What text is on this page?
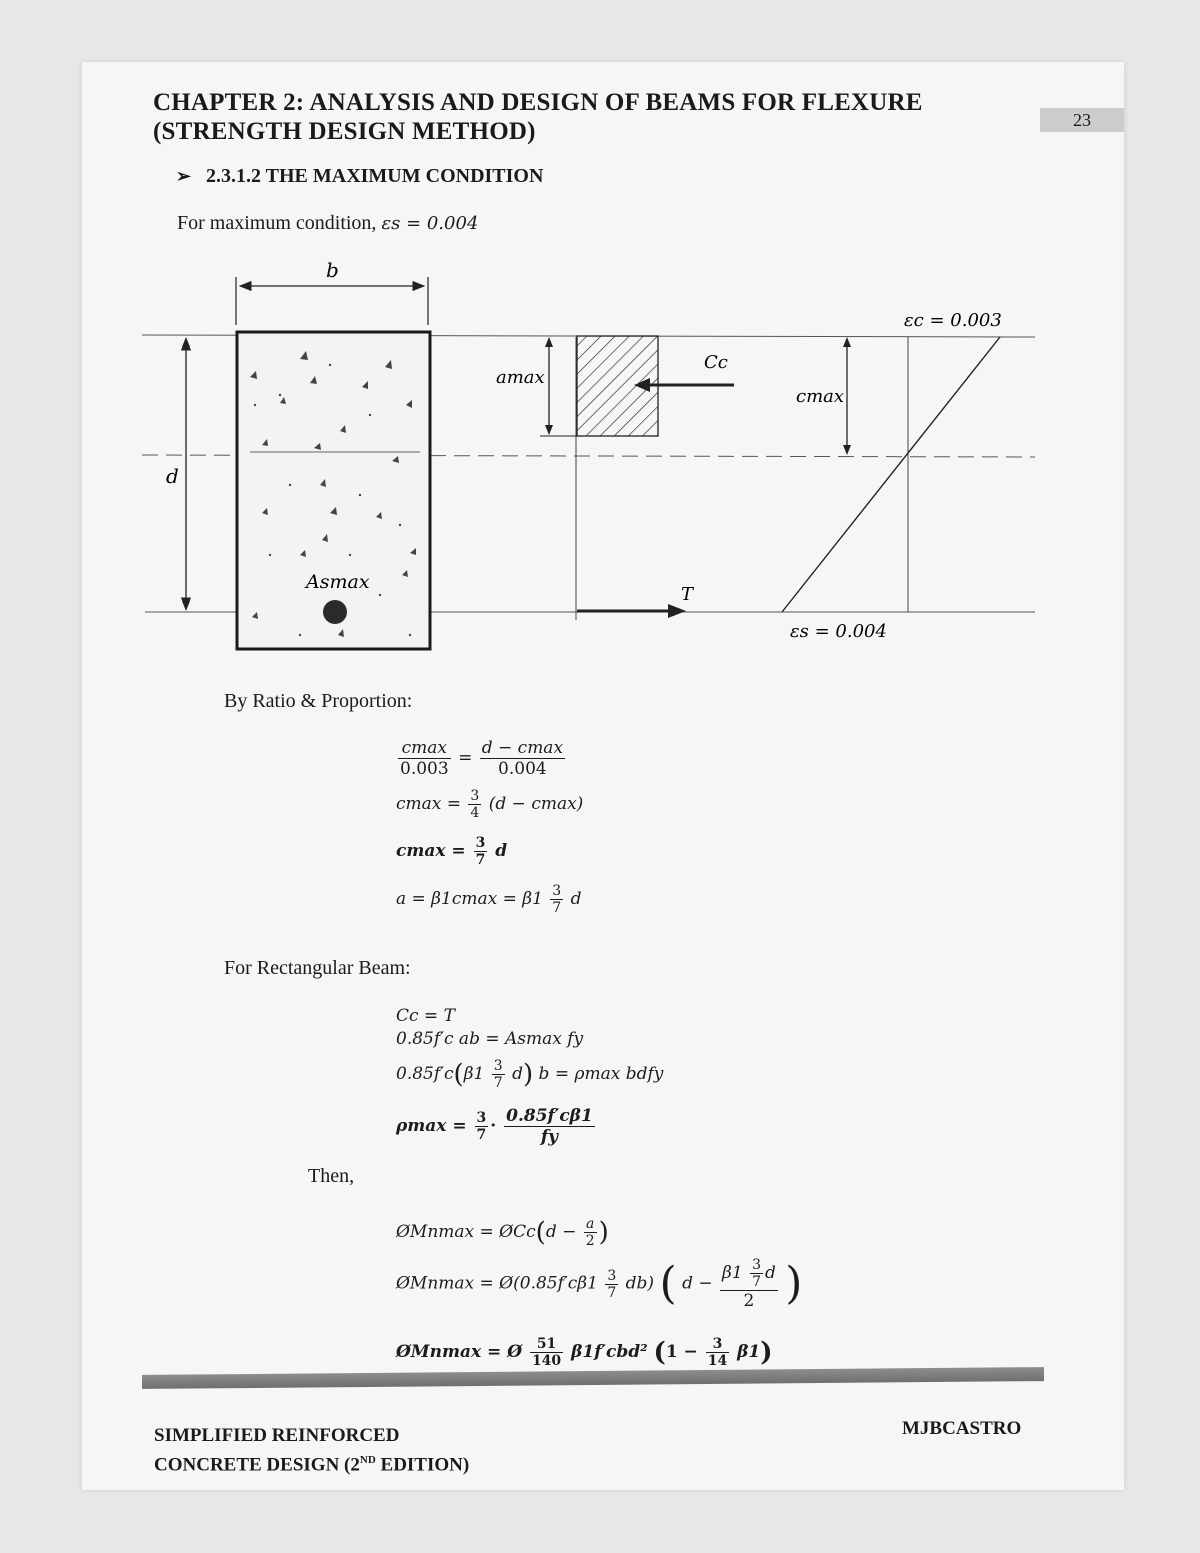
CHAPTER 2: ANALYSIS AND DESIGN OF BEAMS FOR FLEXURE
(STRENGTH DESIGN METHOD)	23
➢ 2.3.1.2 THE MAXIMUM CONDITION
For maximum condition, εs = 0.004
b
d
Asmax
amax
Cc
T
cmax
εc = 0.003
εs = 0.004
By Ratio & Proportion:
$\frac{cmax}{0.003} = \frac{d - cmax}{0.004}$
$cmax = \frac{3}{4} (d - cmax)$
$cmax = \frac{3}{7}$ d
$a = \beta 1cmax = \beta 1 \frac{3}{7}$ d
For Rectangular Beam:
Cc = T
0.85f′c ab = Asmax fy
$0.85f'c(\beta 1 \frac{3}{7} d)$ b = ρmax bdfy
$\rho\max = \frac{3}{7} \cdot \frac{0.85f'c\beta 1}{fy}$
Then,
ØMnmax = ØCc(d − $\frac{a}{2}$ )
ØMnmax = Ø(0.85f′cβ1 $\frac{3}{7} db$) ( $d - \frac{\beta 1 \frac{3}{7} d}{2}$ )
ØMnmax = Ø $\frac{51}{140} \beta 1f'cbd^2$ $(1 - \frac{3}{14} \beta 1)$
SIMPLIFIED REINFORCED
CONCRETE DESIGN (2ND EDITION)
MJBCASTRO
